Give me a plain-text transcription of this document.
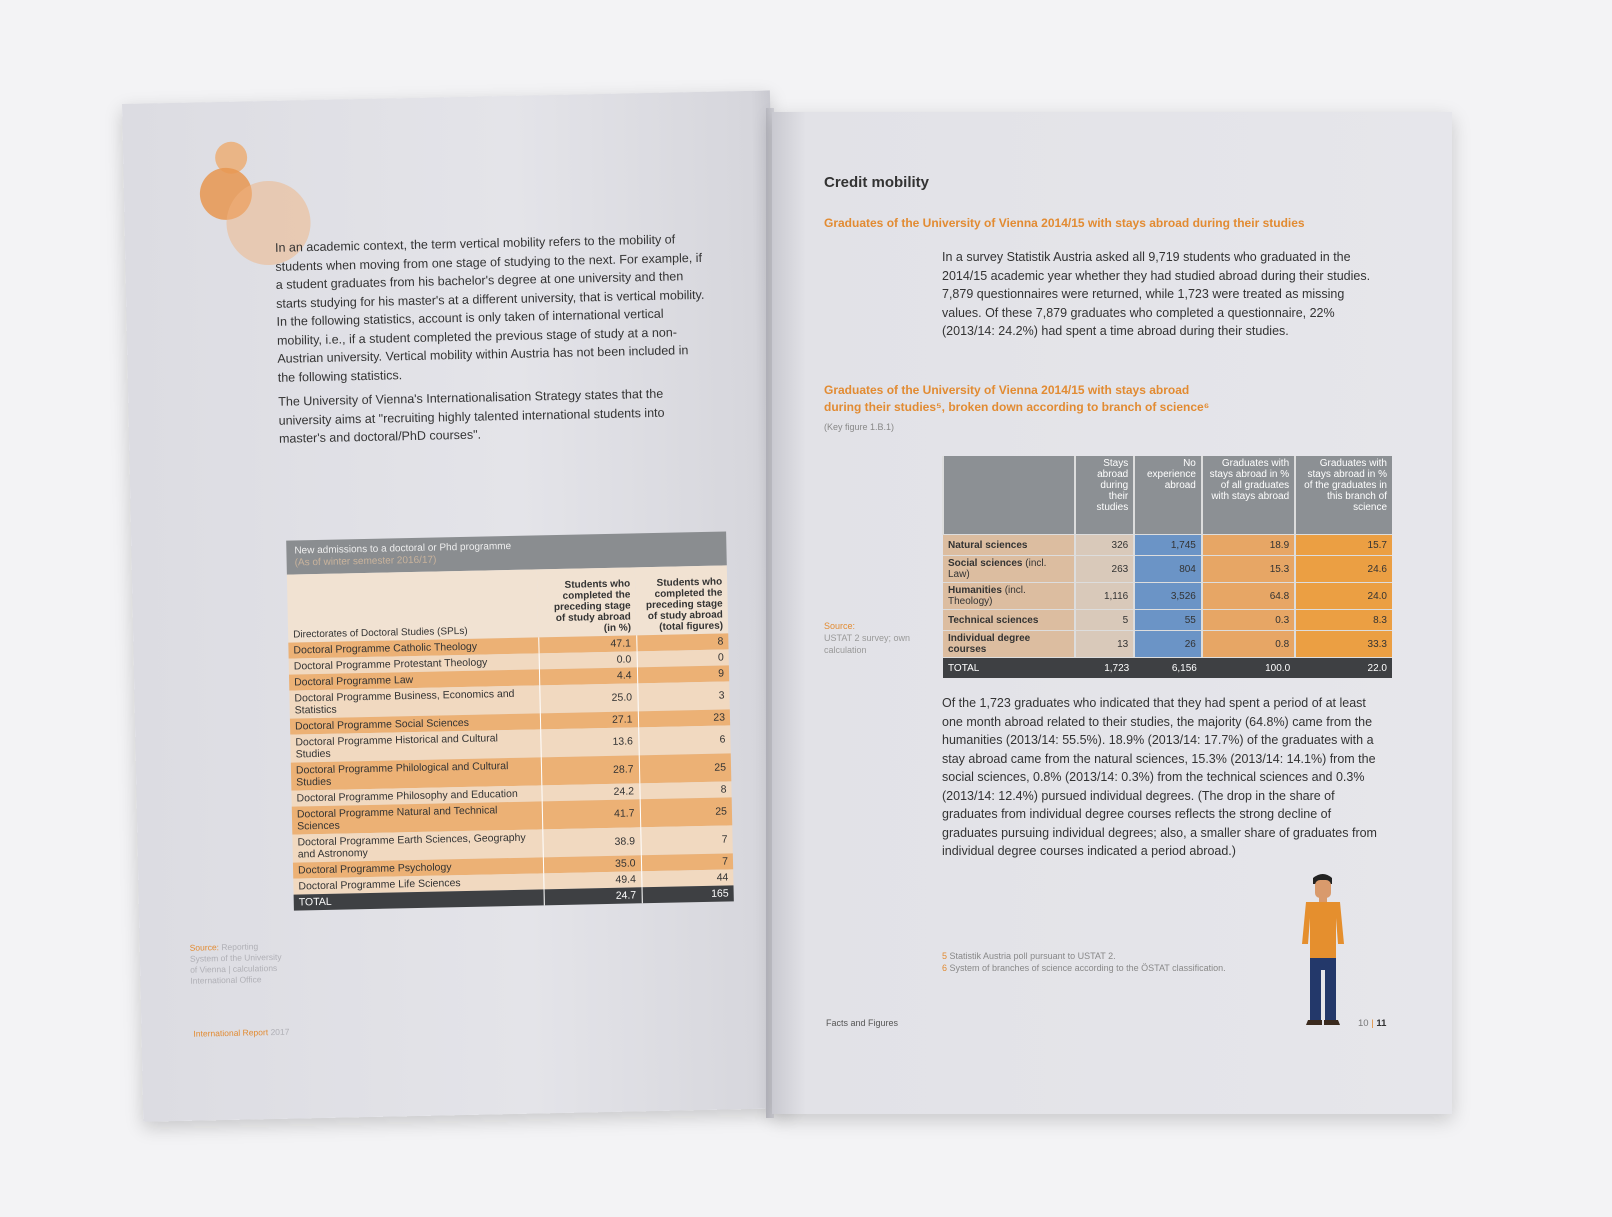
In an academic context, the term vertical mobility refers to the mobility of students when moving from one stage of studying to the next. For example, if a student graduates from his bachelor's degree at one university and then starts studying for his master's at a different university, that is vertical mobility. In the following statistics, account is only taken of international vertical mobility, i.e., if a student completed the previous stage of study at a non-Austrian university. Vertical mobility within Austria has not been included in the following statistics.

The University of Vienna's Internationalisation Strategy states that the university aims at "recruiting highly talented international students into master's and doctoral/PhD courses".

New admissions to a doctoral or Phd programme
(As of winter semester 2016/17)
Directorates of Doctoral Studies (SPLs)	Students who completed the preceding stage of study abroad (in %)	Students who completed the preceding stage of study abroad (total figures)
Doctoral Programme Catholic Theology	47.1	8
Doctoral Programme Protestant Theology	0.0	0
Doctoral Programme Law	4.4	9
Doctoral Programme Business, Economics and Statistics	25.0	3
Doctoral Programme Social Sciences	27.1	23
Doctoral Programme Historical and Cultural Studies	13.6	6
Doctoral Programme Philological and Cultural Studies	28.7	25
Doctoral Programme Philosophy and Education	24.2	8
Doctoral Programme Natural and Technical Sciences	41.7	25
Doctoral Programme Earth Sciences, Geography and Astronomy	38.9	7
Doctoral Programme Psychology	35.0	7
Doctoral Programme Life Sciences	49.4	44
TOTAL	24.7	165
Source: Reporting System of the University of Vienna | calculations International Office
International Report 2017
Credit mobility
Graduates of the University of Vienna 2014/15 with stays abroad during their studies

In a survey Statistik Austria asked all 9,719 students who graduated in the 2014/15 academic year whether they had studied abroad during their studies. 7,879 questionnaires were returned, while 1,723 were treated as missing values. Of these 7,879 graduates who completed a questionnaire, 22% (2013/14: 24.2%) had spent a time abroad during their studies.

Graduates of the University of Vienna 2014/15 with stays abroad during their studies⁵, broken down according to branch of science⁶
(Key figure 1.B.1)
	Stays abroad during their studies	No experience abroad	Graduates with stays abroad in % of all graduates with stays abroad	Graduates with stays abroad in % of the graduates in this branch of science
Natural sciences	326	1,745	18.9	15.7
Social sciences (incl. Law)	263	804	15.3	24.6
Humanities (incl. Theology)	1,116	3,526	64.8	24.0
Technical sciences	5	55	0.3	8.3
Individual degree courses	13	26	0.8	33.3
TOTAL	1,723	6,156	100.0	22.0
Source:
USTAT 2 survey; own calculation

Of the 1,723 graduates who indicated that they had spent a period of at least one month abroad related to their studies, the majority (64.8%) came from the humanities (2013/14: 55.5%). 18.9% (2013/14: 17.7%) of the graduates with a stay abroad came from the natural sciences, 15.3% (2013/14: 14.1%) from the social sciences, 0.8% (2013/14: 0.3%) from the technical sciences and 0.3% (2013/14: 12.4%) pursued individual degrees. (The drop in the share of graduates from individual degree courses reflects the strong decline of graduates pursuing individual degrees; also, a smaller share of graduates from individual degree courses indicated a period abroad.)

5 Statistik Austria poll pursuant to USTAT 2.
6 System of branches of science according to the ÖSTAT classification.
Facts and Figures	10 | 11
